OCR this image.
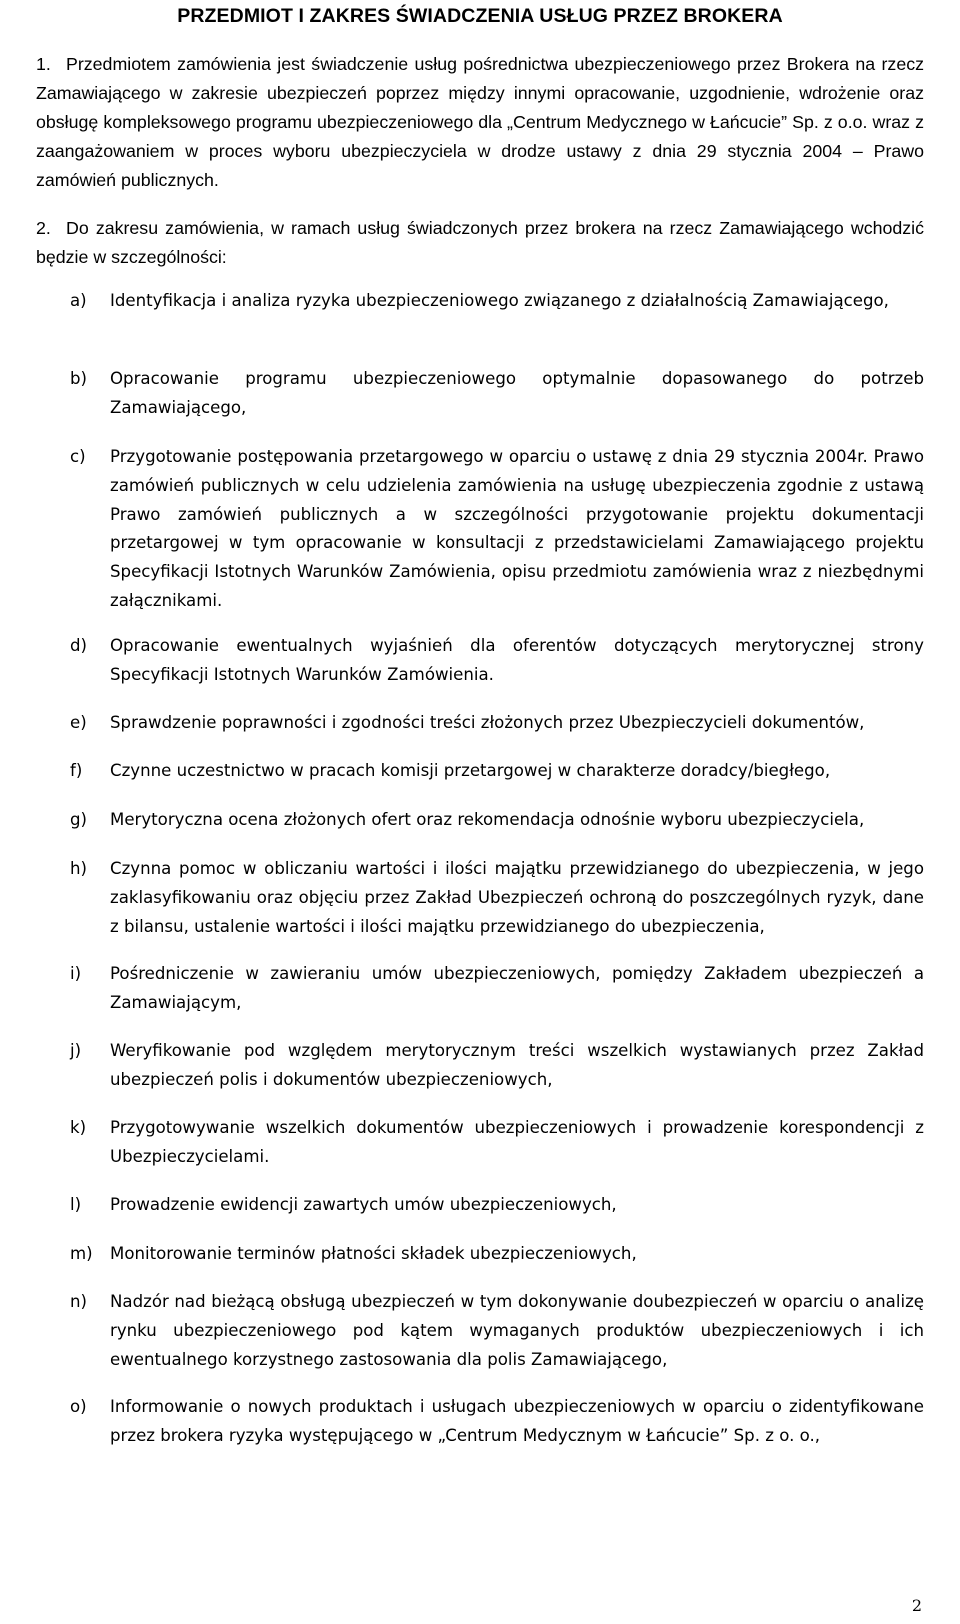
PRZEDMIOT I ZAKRES ŚWIADCZENIA USŁUG PRZEZ BROKERA
1. Przedmiotem zamówienia jest świadczenie usług pośrednictwa ubezpieczeniowego przez Brokera na rzecz Zamawiającego w zakresie ubezpieczeń poprzez między innymi opracowanie, uzgodnienie, wdrożenie oraz obsługę kompleksowego programu ubezpieczeniowego dla „Centrum Medycznego w Łańcucie” Sp. z o.o. wraz z zaangażowaniem w proces wyboru ubezpieczyciela w drodze ustawy z dnia 29 stycznia 2004 – Prawo zamówień publicznych.
2. Do zakresu zamówienia, w ramach usług świadczonych przez brokera na rzecz Zamawiającego wchodzić będzie w szczególności:
a) Identyfikacja i analiza ryzyka ubezpieczeniowego związanego z działalnością Zamawiającego,
b) Opracowanie programu ubezpieczeniowego optymalnie dopasowanego do potrzeb Zamawiającego,
c) Przygotowanie postępowania przetargowego w oparciu o ustawę z dnia 29 stycznia 2004r. Prawo zamówień publicznych w celu udzielenia zamówienia na usługę ubezpieczenia zgodnie z ustawą Prawo zamówień publicznych a w szczególności przygotowanie projektu dokumentacji przetargowej w tym opracowanie w konsultacji z przedstawicielami Zamawiającego projektu Specyfikacji Istotnych Warunków Zamówienia, opisu przedmiotu zamówienia wraz z niezbędnymi załącznikami.
d) Opracowanie ewentualnych wyjaśnień dla oferentów dotyczących merytorycznej strony Specyfikacji Istotnych Warunków Zamówienia.
e) Sprawdzenie poprawności i zgodności treści złożonych przez Ubezpieczycieli dokumentów,
f) Czynne uczestnictwo w pracach komisji przetargowej w charakterze doradcy/biegłego,
g) Merytoryczna ocena złożonych ofert oraz rekomendacja odnośnie wyboru ubezpieczyciela,
h) Czynna pomoc w obliczaniu wartości i ilości majątku przewidzianego do ubezpieczenia, w jego zaklasyfikowaniu oraz objęciu przez Zakład Ubezpieczeń ochroną do poszczególnych ryzyk, dane z bilansu, ustalenie wartości i ilości majątku przewidzianego do ubezpieczenia,
i) Pośredniczenie w zawieraniu umów ubezpieczeniowych, pomiędzy Zakładem ubezpieczeń a Zamawiającym,
j) Weryfikowanie pod względem merytorycznym treści wszelkich wystawianych przez Zakład ubezpieczeń polis i dokumentów ubezpieczeniowych,
k) Przygotowywanie wszelkich dokumentów ubezpieczeniowych i prowadzenie korespondencji z Ubezpieczycielami.
l) Prowadzenie ewidencji zawartych umów ubezpieczeniowych,
m) Monitorowanie terminów płatności składek ubezpieczeniowych,
n) Nadzór nad bieżącą obsługą ubezpieczeń w tym dokonywanie doubezpieczeń w oparciu o analizę rynku ubezpieczeniowego pod kątem wymaganych produktów ubezpieczeniowych i ich ewentualnego korzystnego zastosowania dla polis Zamawiającego,
o) Informowanie o nowych produktach i usługach ubezpieczeniowych w oparciu o zidentyfikowane przez brokera ryzyka występującego w „Centrum Medycznym w Łańcucie” Sp. z o. o.,
2
